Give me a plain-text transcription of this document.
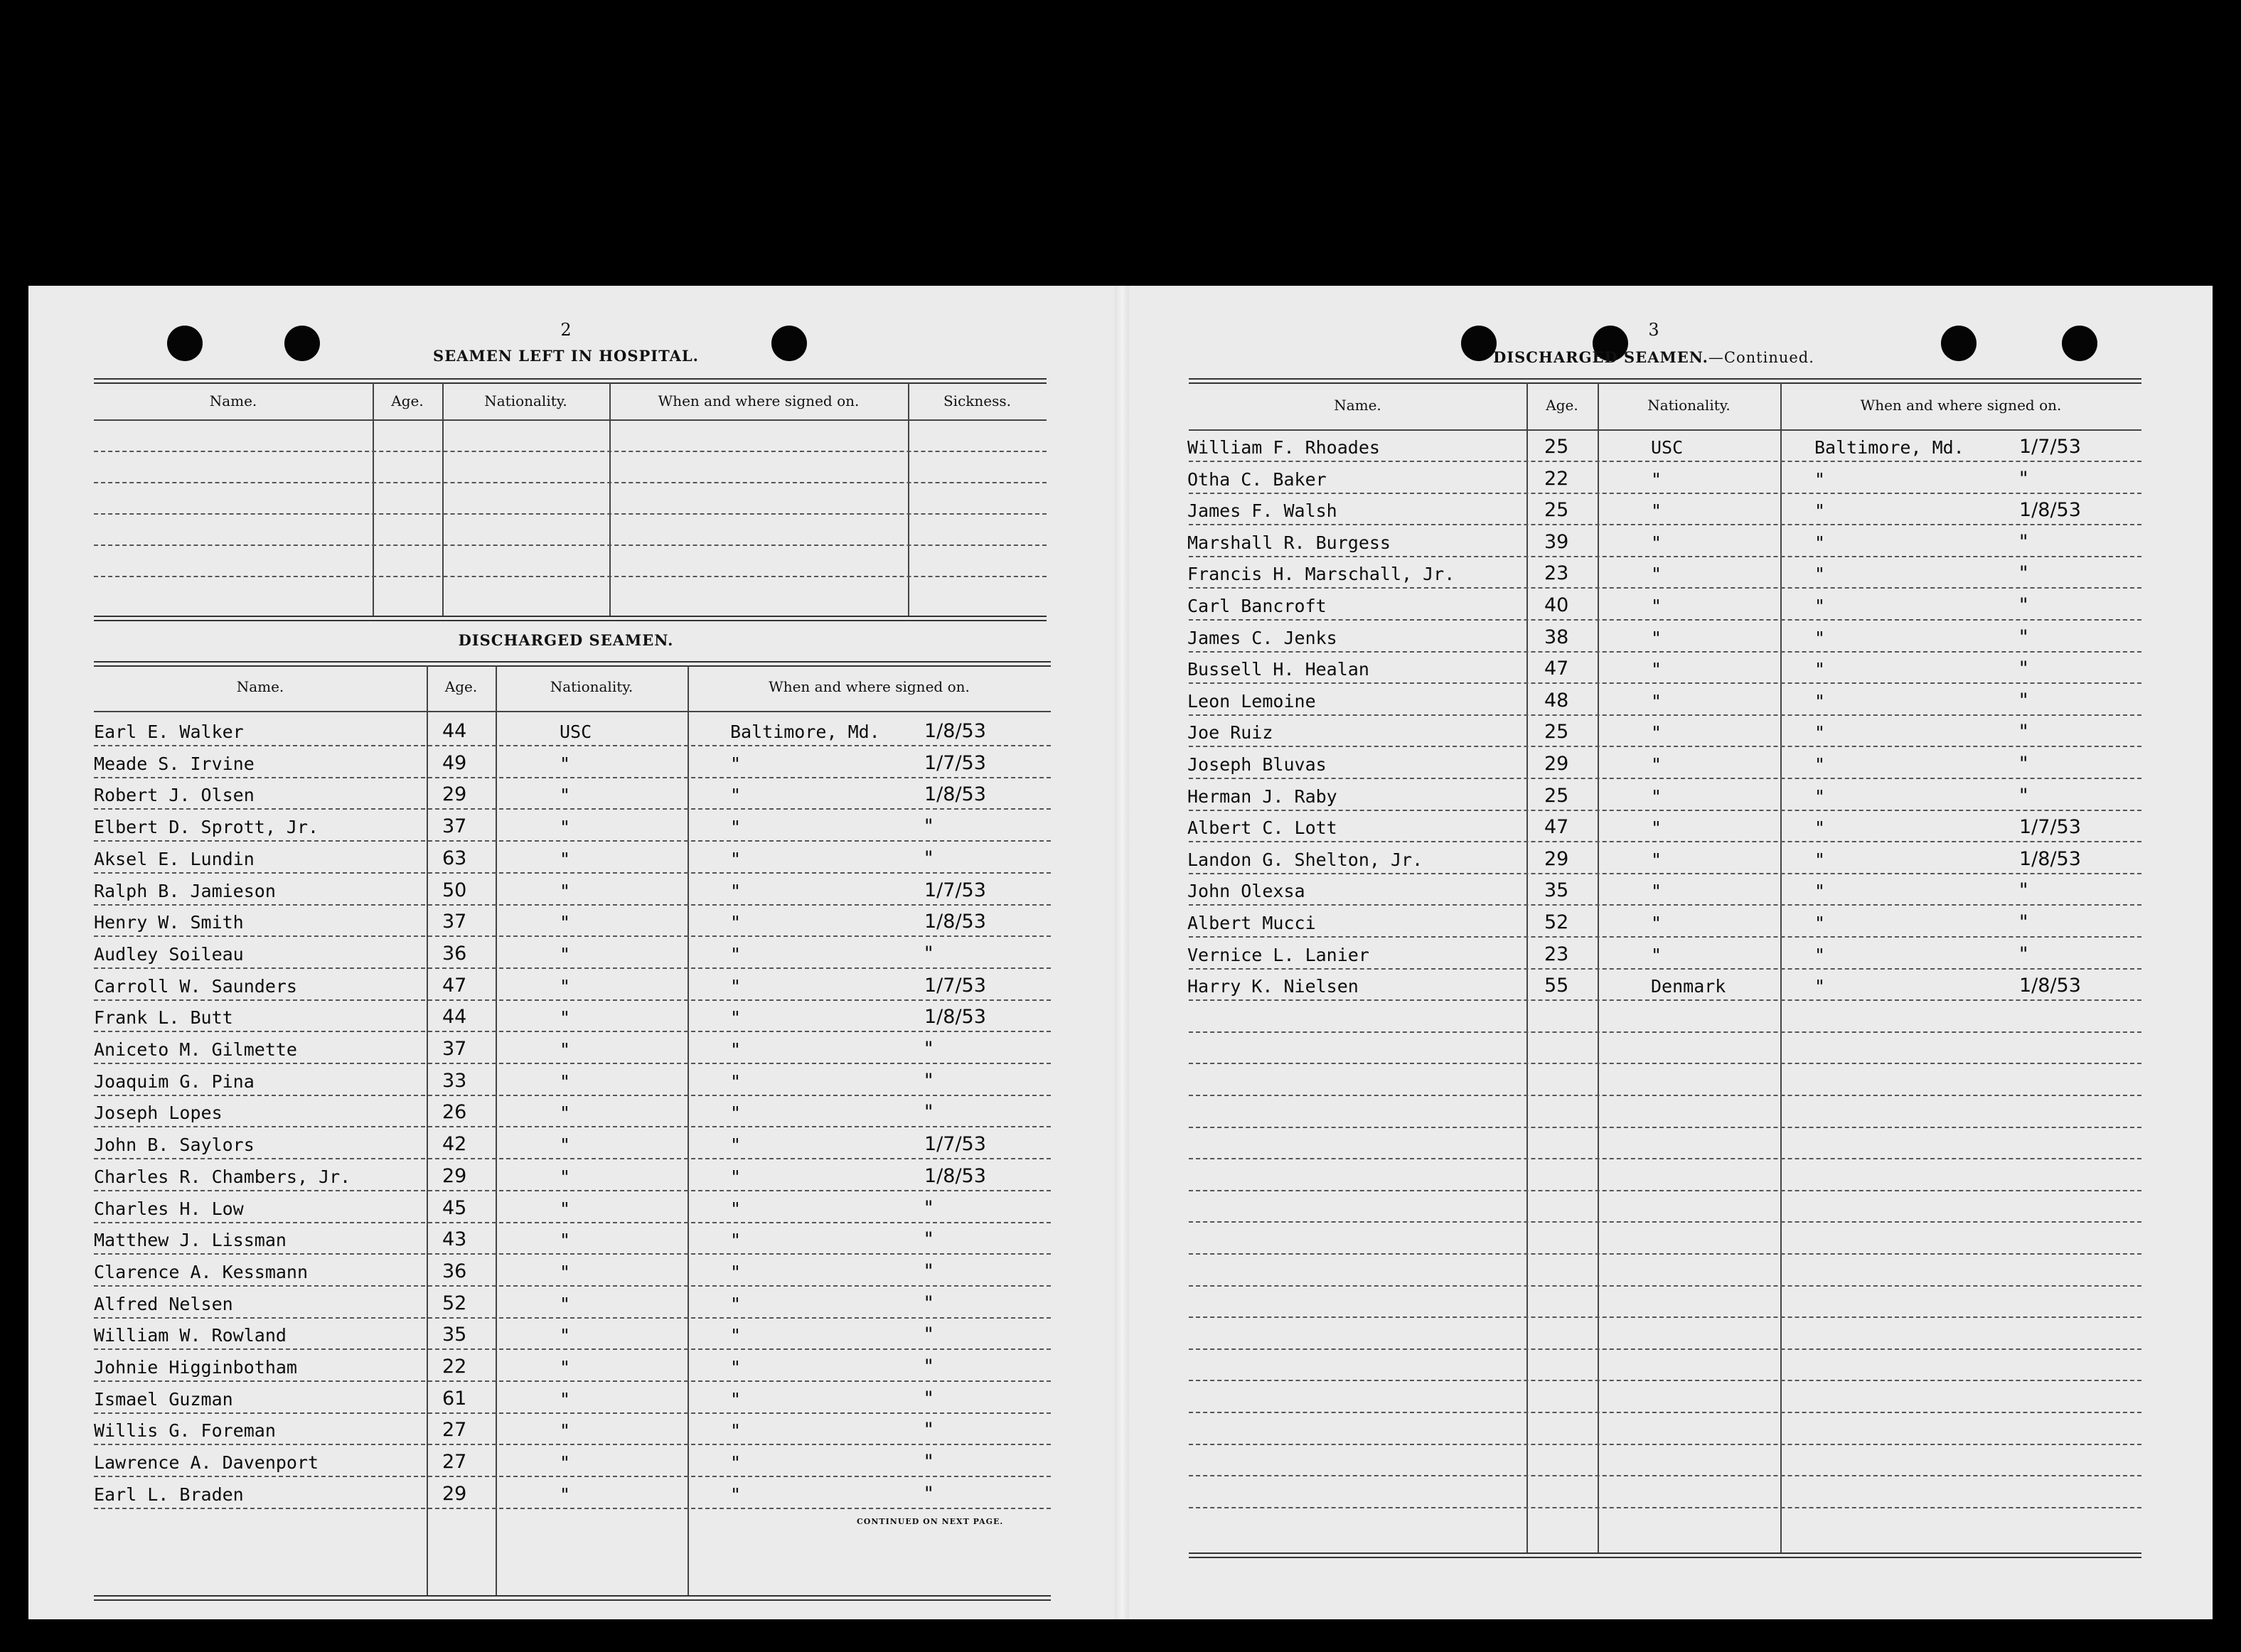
2
SEAMEN LEFT IN HOSPITAL.
Name.	Age.	Nationality.	When and where signed on.	Sickness.
DISCHARGED SEAMEN.
Name.	Age.	Nationality.	When and where signed on.
Earl E. Walker	44	USC	Baltimore, Md. 1/8/53
Meade S. Irvine	49	"	"	1/7/53
Robert J. Olsen	29	"	"	1/8/53
Elbert D. Sprott, Jr.	37	"	"	"
Aksel E. Lundin	63	"	"	"
Ralph B. Jamieson	50	"	"	1/7/53
Henry W. Smith	37	"	"	1/8/53
Audley Soileau	36	"	"	"
Carroll W. Saunders	47	"	"	1/7/53
Frank L. Butt	44	"	"	1/8/53
Aniceto M. Gilmette	37	"	"	"
Joaquim G. Pina	33	"	"	"
Joseph Lopes	26	"	"	"
John B. Saylors	42	"	"	1/7/53
Charles R. Chambers, Jr.	29	"	"	1/8/53
Charles H. Low	45	"	"	"
Matthew J. Lissman	43	"	"	"
Clarence A. Kessmann	36	"	"	"
Alfred Nelsen	52	"	"	"
William W. Rowland	35	"	"	"
Johnie Higginbotham	22	"	"	"
Ismael Guzman	61	"	"	"
Willis G. Foreman	27	"	"	"
Lawrence A. Davenport	27	"	"	"
Earl L. Braden	29	"	"	"
CONTINUED ON NEXT PAGE.
3
DISCHARGED SEAMEN.—Continued.
Name.	Age.	Nationality.	When and where signed on.
William F. Rhoades	25	USC	Baltimore, Md.	1/7/53
Otha C. Baker	22	"	"	"
James F. Walsh	25	"	"	1/8/53
Marshall R. Burgess	39	"	"	"
Francis H. Marschall, Jr.	23	"	"	"
Carl Bancroft	40	"	"	"
James C. Jenks	38	"	"	"
Bussell H. Healan	47	"	"	"
Leon Lemoine	48	"	"	"
Joe Ruiz	25	"	"	"
Joseph Bluvas	29	"	"	"
Herman J. Raby	25	"	"	"
Albert C. Lott	47	"	"	1/7/53
Landon G. Shelton, Jr.	29	"	"	1/8/53
John Olexsa	35	"	"	"
Albert Mucci	52	"	"	"
Vernice L. Lanier	23	"	"	"
Harry K. Nielsen	55	Denmark	"	1/8/53
